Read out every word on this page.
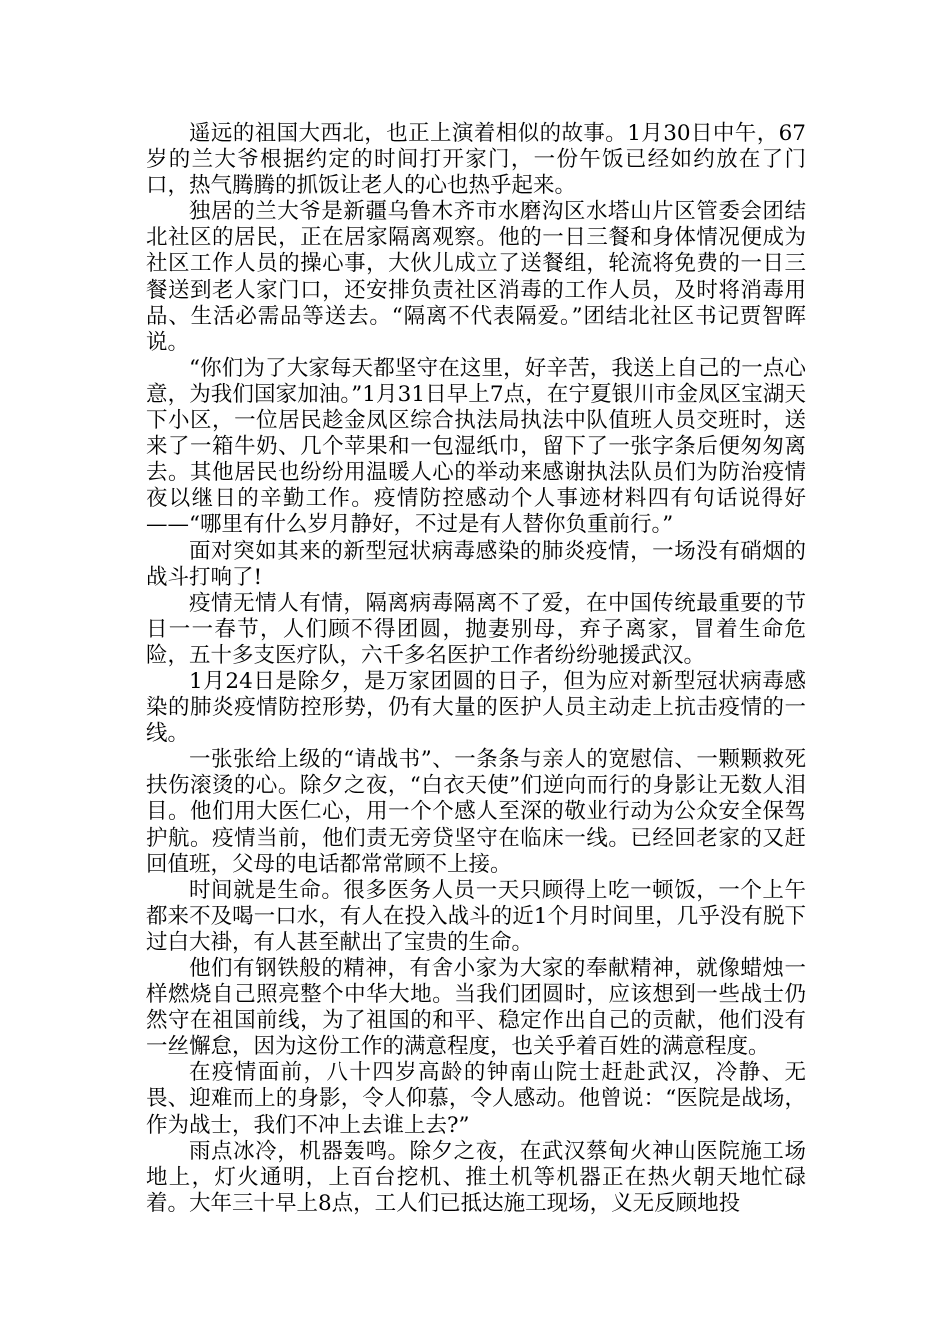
遥远的祖国大西北，也正上演着相似的故事。1月30日中午，67岁的兰大爷根据约定的时间打开家门，一份午饭已经如约放在了门口，热气腾腾的抓饭让老人的心也热乎起来。

独居的兰大爷是新疆乌鲁木齐市水磨沟区水塔山片区管委会团结北社区的居民，正在居家隔离观察。他的一日三餐和身体情况便成为社区工作人员的操心事，大伙儿成立了送餐组，轮流将免费的一日三餐送到老人家门口，还安排负责社区消毒的工作人员，及时将消毒用品、生活必需品等送去。“隔离不代表隔爱。”团结北社区书记贾智晖说。

“你们为了大家每天都坚守在这里，好辛苦，我送上自己的一点心意，为我们国家加油。”1月31日早上7点，在宁夏银川市金凤区宝湖天下小区，一位居民趁金凤区综合执法局执法中队值班人员交班时，送来了一箱牛奶、几个苹果和一包湿纸巾，留下了一张字条后便匆匆离去。其他居民也纷纷用温暖人心的举动来感谢执法队员们为防治疫情夜以继日的辛勤工作。疫情防控感动个人事迹材料四有句话说得好——“哪里有什么岁月静好，不过是有人替你负重前行。”

面对突如其来的新型冠状病毒感染的肺炎疫情，一场没有硝烟的战斗打响了!

疫情无情人有情，隔离病毒隔离不了爱，在中国传统最重要的节日一一春节，人们顾不得团圆，抛妻别母，弃子离家，冒着生命危险，五十多支医疗队，六千多名医护工作者纷纷驰援武汉。

1月24日是除夕，是万家团圆的日子，但为应对新型冠状病毒感染的肺炎疫情防控形势，仍有大量的医护人员主动走上抗击疫情的一线。

一张张给上级的“请战书”、一条条与亲人的宽慰信、一颗颗救死扶伤滚烫的心。除夕之夜，“白衣天使”们逆向而行的身影让无数人泪目。他们用大医仁心，用一个个感人至深的敬业行动为公众安全保驾护航。疫情当前，他们责无旁贷坚守在临床一线。已经回老家的又赶回值班，父母的电话都常常顾不上接。

时间就是生命。很多医务人员一天只顾得上吃一顿饭，一个上午都来不及喝一口水，有人在投入战斗的近1个月时间里，几乎没有脱下过白大褂，有人甚至献出了宝贵的生命。

他们有钢铁般的精神，有舍小家为大家的奉献精神，就像蜡烛一样燃烧自己照亮整个中华大地。当我们团圆时，应该想到一些战士仍然守在祖国前线，为了祖国的和平、稳定作出自己的贡献，他们没有一丝懈怠，因为这份工作的满意程度，也关乎着百姓的满意程度。

在疫情面前，八十四岁高龄的钟南山院士赶赴武汉，冷静、无畏、迎难而上的身影，令人仰慕，令人感动。他曾说：“医院是战场，作为战士，我们不冲上去谁上去?”

雨点冰冷，机器轰鸣。除夕之夜，在武汉蔡甸火神山医院施工场地上，灯火通明，上百台挖机、推土机等机器正在热火朝天地忙碌着。大年三十早上8点，工人们已抵达施工现场，义无反顾地投
